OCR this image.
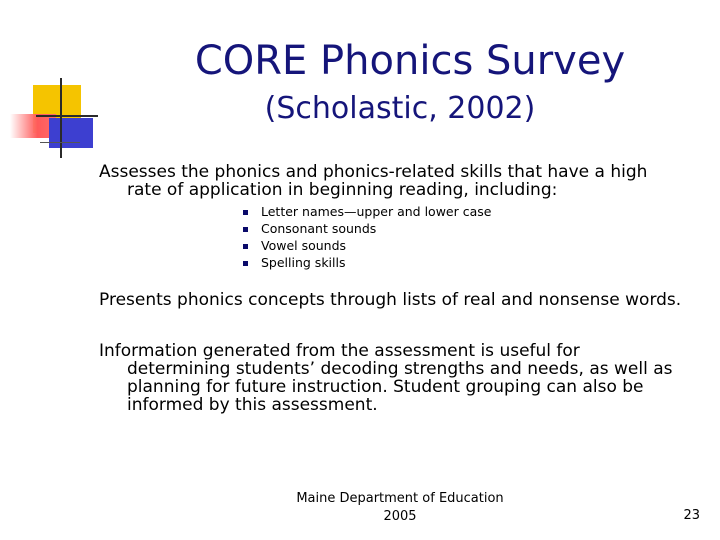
CORE Phonics Survey
(Scholastic, 2002)

Assesses the phonics and phonics-related skills that have a high
rate of application in beginning reading, including:

Letter names—upper and lower case
Consonant sounds
Vowel sounds
Spelling skills

Presents phonics concepts through lists of real and nonsense words.

Information generated from the assessment is useful for
determining students’ decoding strengths and needs, as well as planning for future instruction. Student grouping can also be informed by this assessment.

Maine Department of Education
2005	23
